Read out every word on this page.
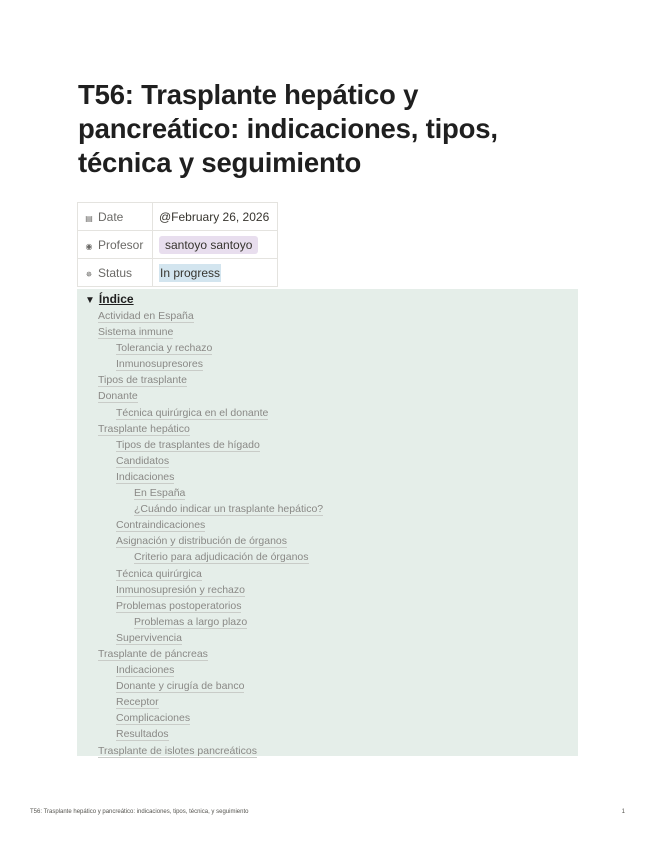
T56: Trasplante hepático y pancreático: indicaciones, tipos, técnica y seguimiento
▤ Date	@February 26, 2026
◉ Profesor	santoyo santoyo
✵ Status	In progress
▼ Índice
Actividad en España
Sistema inmune
Tolerancia y rechazo
Inmunosupresores
Tipos de trasplante
Donante
Técnica quirúrgica en el donante
Trasplante hepático
Tipos de trasplantes de hígado
Candidatos
Indicaciones
En España
¿Cuándo indicar un trasplante hepático?
Contraindicaciones
Asignación y distribución de órganos
Criterio para adjudicación de órganos
Técnica quirúrgica
Inmunosupresión y rechazo
Problemas postoperatorios
Problemas a largo plazo
Supervivencia
Trasplante de páncreas
Indicaciones
Donante y cirugía de banco
Receptor
Complicaciones
Resultados
Trasplante de islotes pancreáticos
T56: Trasplante hepático y pancreático: indicaciones, tipos, técnica, y seguimiento	1
